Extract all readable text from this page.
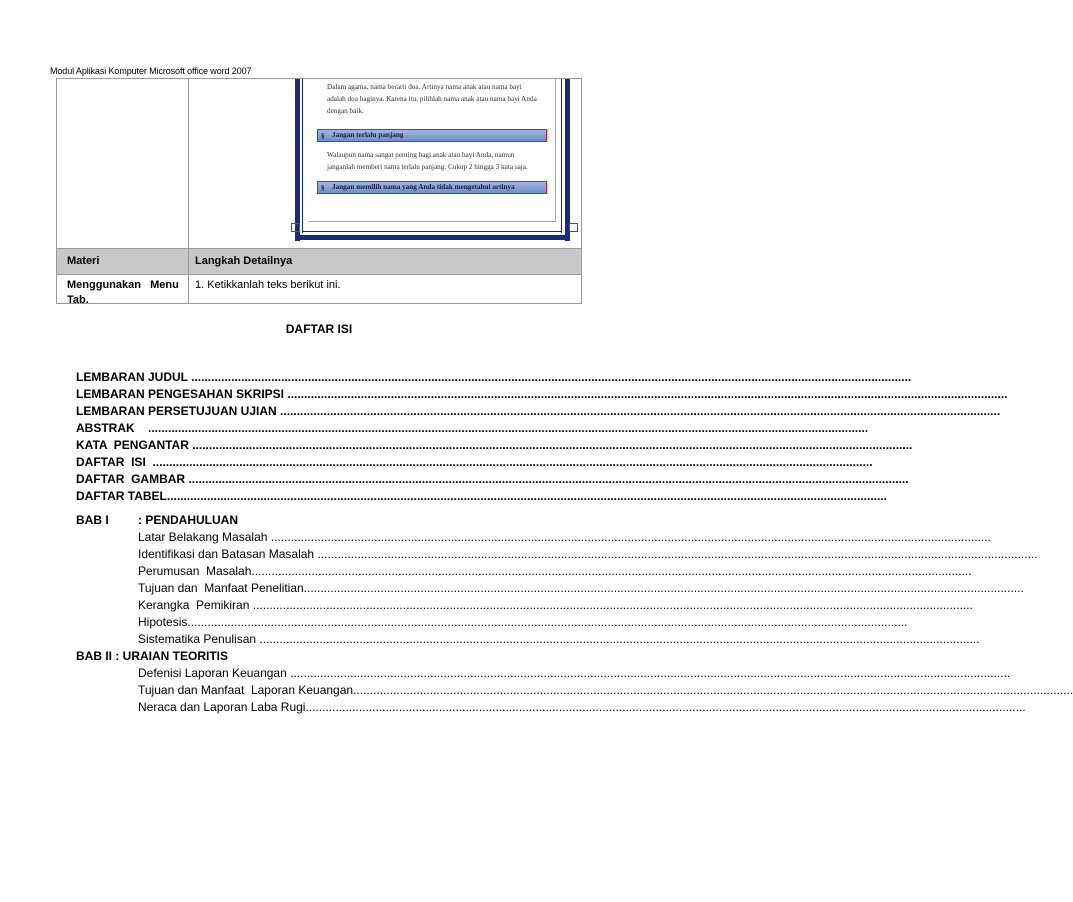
Modul Aplikasi Komputer Microsoft office word 2007
Dalam agama, nama berarti doa. Artinya nama anak atau nama bayi adalah doa baginya. Karena itu, pilihlah nama anak atau nama bayi Anda dengan baik.
§ Jangan terlalu panjang
Walaupun nama sangat penting bagi anak atau bayi Anda, namun janganlah memberi nama terlalu panjang. Cukup 2 hingga 3 kata saja.
§ Jangan memilih nama yang Anda tidak mengetahui artinya
Materi	Langkah Detailnya
Menggunakan   Menu
Tab.
1. Ketikkanlah teks berikut ini.
DAFTAR ISI
LEMBARAN JUDUL ........................................................................................................................................................................................................................
LEMBARAN PENGESAHAN SKRIPSI ........................................................................................................................................................................................................................
LEMBARAN PERSETUJUAN UJIAN ........................................................................................................................................................................................................................
ABSTRAK    ........................................................................................................................................................................................................................
KATA  PENGANTAR ........................................................................................................................................................................................................................
DAFTAR  ISI  ........................................................................................................................................................................................................................
DAFTAR  GAMBAR ........................................................................................................................................................................................................................
DAFTAR TABEL........................................................................................................................................................................................................................
BAB I : PENDAHULUAN
Latar Belakang Masalah ........................................................................................................................................................................................................................
Identifikasi dan Batasan Masalah ........................................................................................................................................................................................................................
Perumusan  Masalah........................................................................................................................................................................................................................
Tujuan dan  Manfaat Penelitian........................................................................................................................................................................................................................
Kerangka  Pemikiran ........................................................................................................................................................................................................................
Hipotesis........................................................................................................................................................................................................................
Sistematika Penulisan ........................................................................................................................................................................................................................
BAB II : URAIAN TEORITIS
Defenisi Laporan Keuangan ........................................................................................................................................................................................................................
Tujuan dan Manfaat  Laporan Keuangan........................................................................................................................................................................................................................
Neraca dan Laporan Laba Rugi........................................................................................................................................................................................................................
